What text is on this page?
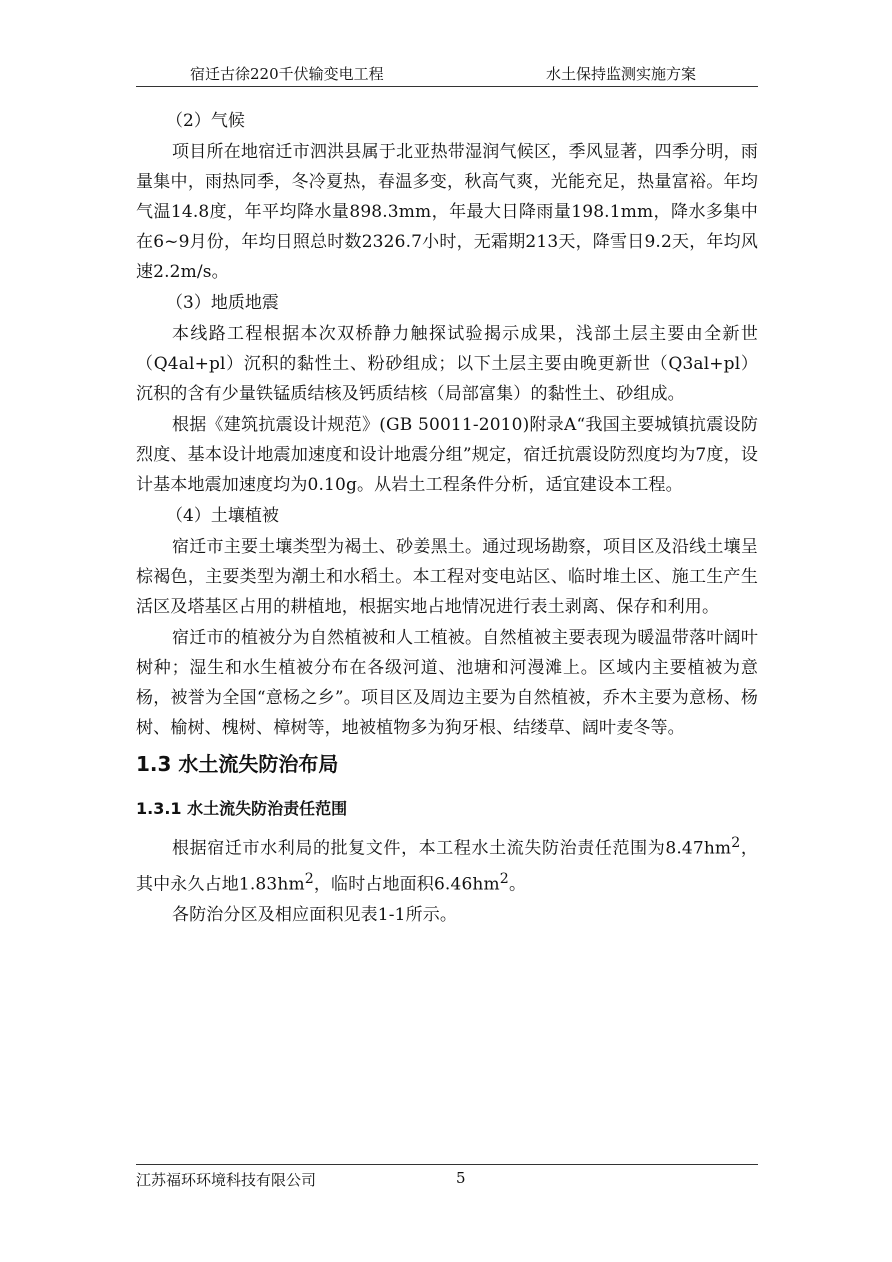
宿迁古徐220千伏输变电工程	水土保持监测实施方案
（2）气候

项目所在地宿迁市泗洪县属于北亚热带湿润气候区，季风显著，四季分明，雨量集中，雨热同季，冬冷夏热，春温多变，秋高气爽，光能充足，热量富裕。年均气温14.8度，年平均降水量898.3mm，年最大日降雨量198.1mm，降水多集中在6~9月份，年均日照总时数2326.7小时，无霜期213天，降雪日9.2天，年均风速2.2m/s。

（3）地质地震

本线路工程根据本次双桥静力触探试验揭示成果，浅部土层主要由全新世（Q4al+pl）沉积的黏性土、粉砂组成；以下土层主要由晚更新世（Q3al+pl）沉积的含有少量铁锰质结核及钙质结核（局部富集）的黏性土、砂组成。

根据《建筑抗震设计规范》(GB 50011-2010)附录A“我国主要城镇抗震设防烈度、基本设计地震加速度和设计地震分组”规定，宿迁抗震设防烈度均为7度，设计基本地震加速度均为0.10g。从岩土工程条件分析，适宜建设本工程。

（4）土壤植被

宿迁市主要土壤类型为褐土、砂姜黑土。通过现场勘察，项目区及沿线土壤呈棕褐色，主要类型为潮土和水稻土。本工程对变电站区、临时堆土区、施工生产生活区及塔基区占用的耕植地，根据实地占地情况进行表土剥离、保存和利用。

宿迁市的植被分为自然植被和人工植被。自然植被主要表现为暖温带落叶阔叶树种；湿生和水生植被分布在各级河道、池塘和河漫滩上。区域内主要植被为意杨，被誉为全国“意杨之乡”。项目区及周边主要为自然植被，乔木主要为意杨、杨树、榆树、槐树、樟树等，地被植物多为狗牙根、结缕草、阔叶麦冬等。

1.3 水土流失防治布局
1.3.1 水土流失防治责任范围

根据宿迁市水利局的批复文件，本工程水土流失防治责任范围为$8.47hm^2$，其中永久占地$1.83hm^2$，临时占地面积$6.46hm^2$。

各防治分区及相应面积见表1-1所示。

江苏福环环境科技有限公司	5
